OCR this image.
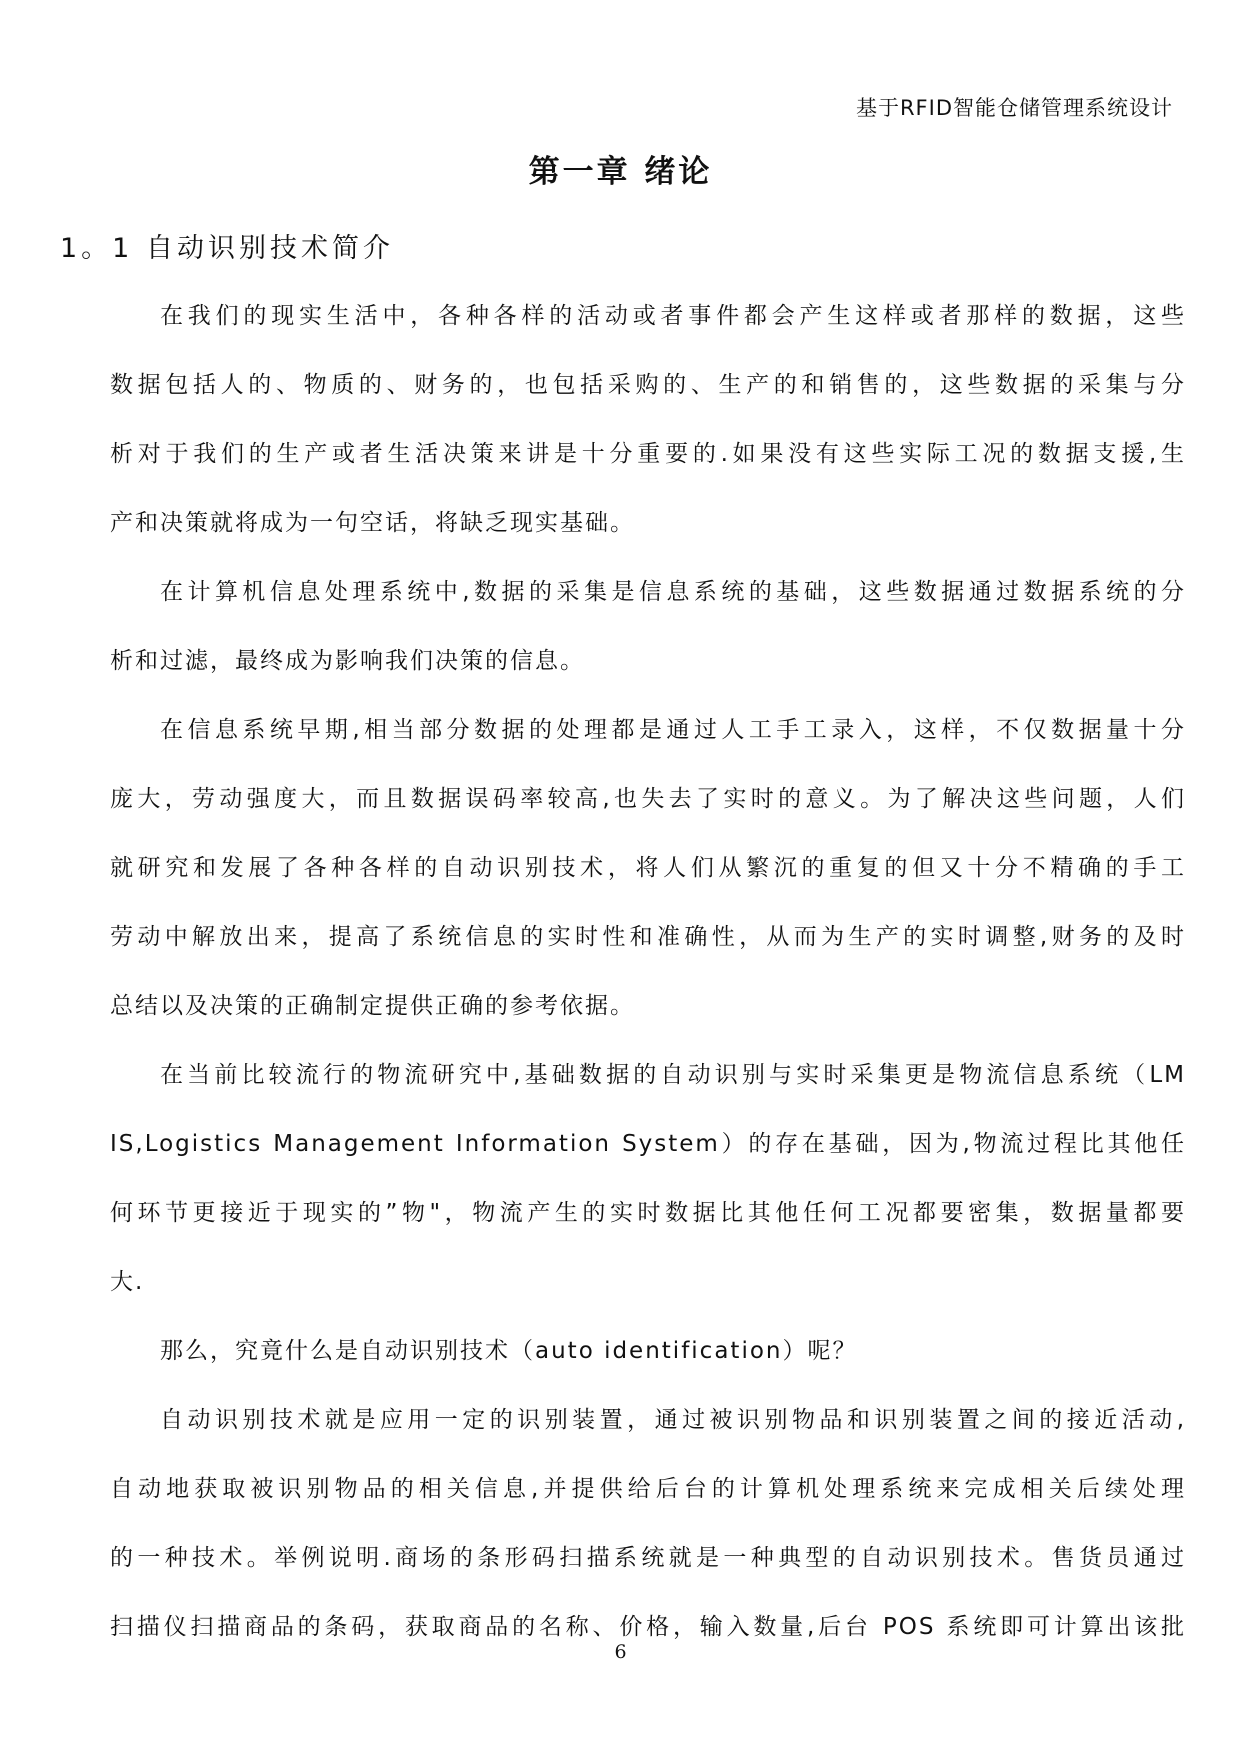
基于RFID智能仓储管理系统设计
第一章 绪论
1。1 自动识别技术简介

在我们的现实生活中，各种各样的活动或者事件都会产生这样或者那样的数据，这些
数据包括人的、物质的、财务的，也包括采购的、生产的和销售的，这些数据的采集与分
析对于我们的生产或者生活决策来讲是十分重要的.如果没有这些实际工况的数据支援,生
产和决策就将成为一句空话，将缺乏现实基础。

在计算机信息处理系统中,数据的采集是信息系统的基础，这些数据通过数据系统的分
析和过滤，最终成为影响我们决策的信息。

在信息系统早期,相当部分数据的处理都是通过人工手工录入，这样，不仅数据量十分
庞大，劳动强度大，而且数据误码率较高,也失去了实时的意义。为了解决这些问题，人们
就研究和发展了各种各样的自动识别技术，将人们从繁沉的重复的但又十分不精确的手工
劳动中解放出来，提高了系统信息的实时性和准确性，从而为生产的实时调整,财务的及时
总结以及决策的正确制定提供正确的参考依据。

在当前比较流行的物流研究中,基础数据的自动识别与实时采集更是物流信息系统（LM
IS,Logistics Management Information System）的存在基础，因为,物流过程比其他任
何环节更接近于现实的”物"，物流产生的实时数据比其他任何工况都要密集，数据量都要
大.

那么，究竟什么是自动识别技术（auto identification）呢？

自动识别技术就是应用一定的识别装置，通过被识别物品和识别装置之间的接近活动,
自动地获取被识别物品的相关信息,并提供给后台的计算机处理系统来完成相关后续处理
的一种技术。举例说明.商场的条形码扫描系统就是一种典型的自动识别技术。售货员通过
扫描仪扫描商品的条码，获取商品的名称、价格，输入数量,后台 POS 系统即可计算出该批

6
